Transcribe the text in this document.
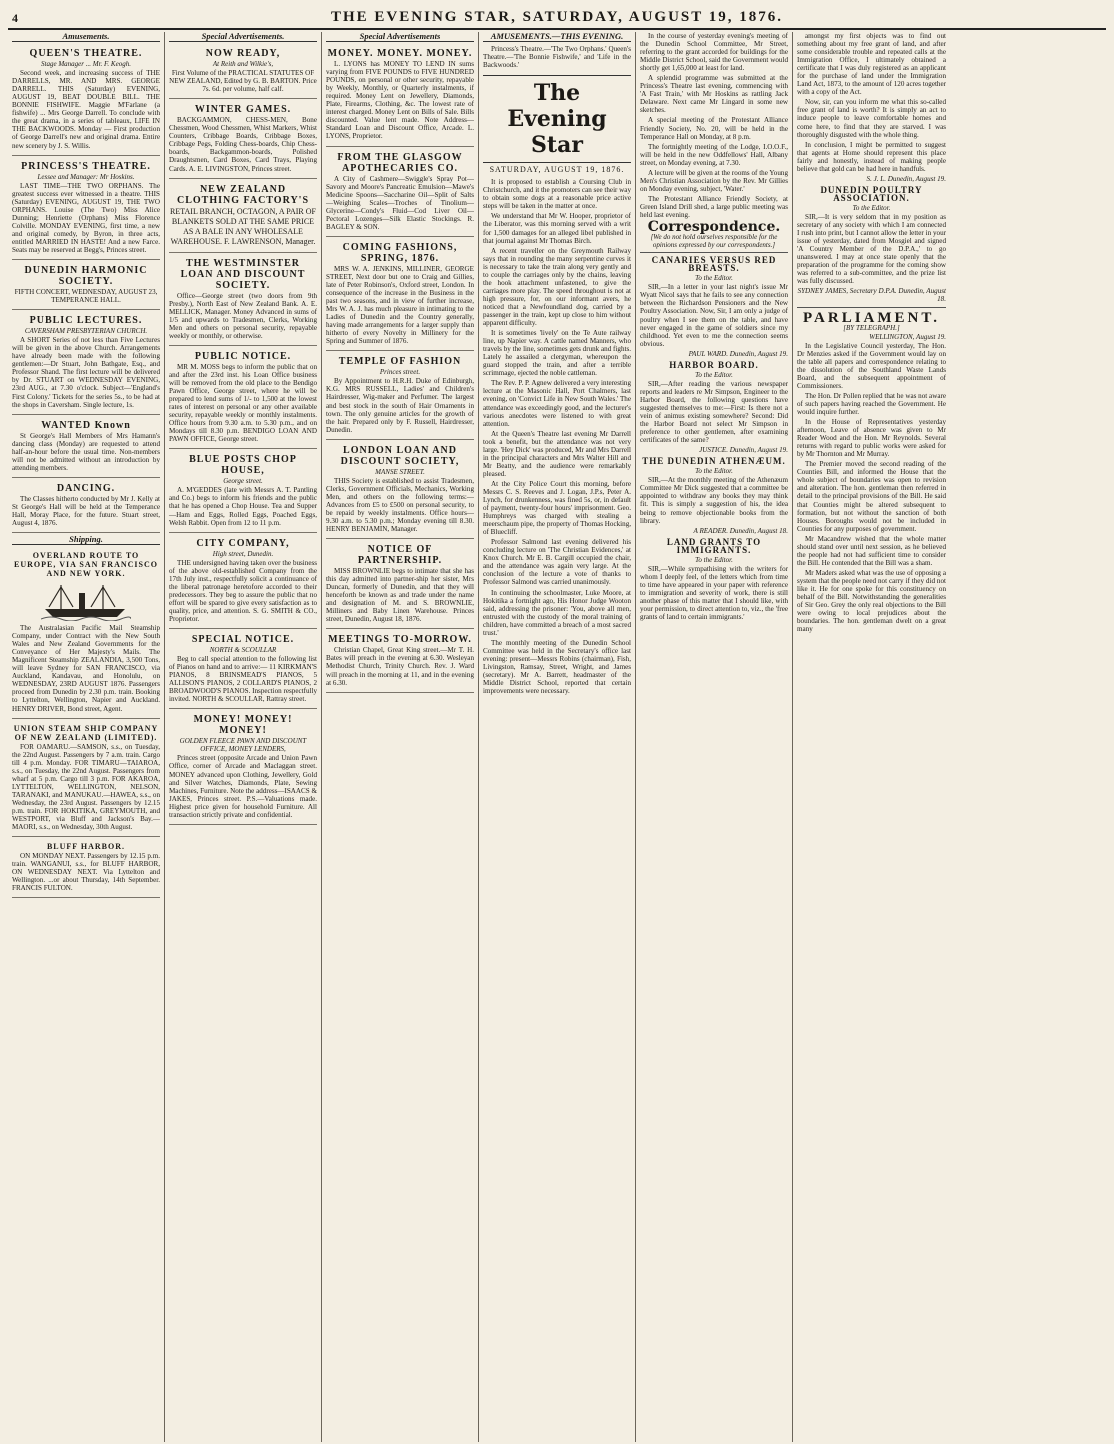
4	THE EVENING STAR, SATURDAY, AUGUST 19, 1876.
Amusements.
QUEEN'S THEATRE.
Stage Manager ... Mr. F. Keogh.

Second week, and increasing success of THE DARRELLS, MR. AND MRS. GEORGE DARRELL. THIS (Saturday) EVENING, AUGUST 19, BEAT DOUBLE BILL. THE BONNIE FISHWIFE. Maggie M'Farlane (a fishwife) ... Mrs George Darrell. To conclude with the great drama, in a series of tableaux, LIFE IN THE BACKWOODS. Monday — First production of George Darrell's new and original drama. Entire new scenery by J. S. Willis.

PRINCESS'S THEATRE.
Lessee and Manager: Mr Hoskins.

LAST TIME—THE TWO ORPHANS. The greatest success ever witnessed in a theatre. THIS (Saturday) EVENING, AUGUST 19, THE TWO ORPHANS. Louise (The Two) Miss Alice Dunning; Henriette (Orphans) Miss Florence Colville. MONDAY EVENING, first time, a new and original comedy, by Byron, in three acts, entitled MARRIED IN HASTE! And a new Farce. Seats may be reserved at Begg's, Princes street.

DUNEDIN HARMONIC SOCIETY.

FIFTH CONCERT, WEDNESDAY, AUGUST 23, TEMPERANCE HALL.

PUBLIC LECTURES.
CAVERSHAM PRESBYTERIAN CHURCH.

A SHORT Series of not less than Five Lectures will be given in the above Church. Arrangements have already been made with the following gentlemen:—Dr Stuart, John Bathgate, Esq., and Professor Shand. The first lecture will be delivered by Dr. STUART on WEDNESDAY EVENING, 23rd AUG., at 7.30 o'clock. Subject—'England's First Colony.' Tickets for the series 5s., to be had at the shops in Caversham. Single lecture, 1s.

WANTED Known

St George's Hall Members of Mrs Hamann's dancing class (Monday) are requested to attend half-an-hour before the usual time. Non-members will not be admitted without an introduction by attending members.

DANCING.

The Classes hitherto conducted by Mr J. Kelly at St George's Hall will be held at the Temperance Hall, Moray Place, for the future. Stuart street, August 4, 1876.

Shipping.
OVERLAND ROUTE TO EUROPE, VIA SAN FRANCISCO AND NEW YORK.

The Australasian Pacific Mail Steamship Company, under Contract with the New South Wales and New Zealand Governments for the Conveyance of Her Majesty's Mails. The Magnificent Steamship ZEALANDIA, 3,500 Tons, will leave Sydney for SAN FRANCISCO, via Auckland, Kandavau, and Honolulu, on WEDNESDAY, 23RD AUGUST 1876. Passengers proceed from Dunedin by 2.30 p.m. train. Booking to Lyttelton, Wellington, Napier and Auckland. HENRY DRIVER, Bond street, Agent.

UNION STEAM SHIP COMPANY OF NEW ZEALAND (LIMITED).

FOR OAMARU.—SAMSON, s.s., on Tuesday, the 22nd August. Passengers by 7 a.m. train. Cargo till 4 p.m. Monday. FOR TIMARU—TAIAROA, s.s., on Tuesday, the 22nd August. Passengers from wharf at 5 p.m. Cargo till 3 p.m. FOR AKAROA, LYTTELTON, WELLINGTON, NELSON, TARANAKI, and MANUKAU.—HAWEA, s.s., on Wednesday, the 23rd August. Passengers by 12.15 p.m. train. FOR HOKITIKA, GREYMOUTH, and WESTPORT, via Bluff and Jackson's Bay.—MAORI, s.s., on Wednesday, 30th August.

BLUFF HARBOR.

ON MONDAY NEXT. Passengers by 12.15 p.m. train. WANGANUI, s.s., for BLUFF HARBOR, ON WEDNESDAY NEXT. Via Lyttelton and Wellington. ...or about Thursday, 14th September. FRANCIS FULTON.

Special Advertisements.
NOW READY,
At Reith and Wilkie's,

First Volume of the PRACTICAL STATUTES OF NEW ZEALAND, Edited by G. B. BARTON. Price 7s. 6d. per volume, half calf.

WINTER GAMES.

BACKGAMMON, CHESS-MEN, Bone Chessmen, Wood Chessmen, Whist Markers, Whist Counters, Cribbage Boards, Cribbage Boxes, Cribbage Pegs, Folding Chess-boards, Chip Chess-boards, Backgammon-boards, Polished Draughtsmen, Card Boxes, Card Trays, Playing Cards. A. E. LIVINGSTON, Princes street.

NEW ZEALAND CLOTHING FACTORY'S

RETAIL BRANCH, OCTAGON, A PAIR OF BLANKETS SOLD AT THE SAME PRICE AS A BALE IN ANY WHOLESALE WAREHOUSE. F. LAWRENSON, Manager.

THE WESTMINSTER LOAN AND DISCOUNT SOCIETY.

Office—George street (two doors from 9th Presby.), North East of New Zealand Bank. A. E. MELLICK, Manager. Money Advanced in sums of 1/5 and upwards to Tradesmen, Clerks, Working Men and others on personal security, repayable weekly or monthly, or otherwise.

PUBLIC NOTICE.

MR M. MOSS begs to inform the public that on and after the 23rd inst. his Loan Office business will be removed from the old place to the Bendigo Pawn Office, George street, where he will be prepared to lend sums of 1/- to 1,500 at the lowest rates of interest on personal or any other available security, repayable weekly or monthly instalments. Office hours from 9.30 a.m. to 5.30 p.m., and on Mondays till 8.30 p.m. BENDIGO LOAN AND PAWN OFFICE, George street.

BLUE POSTS CHOP HOUSE,
George street.

A. M'GEDDES (late with Messrs A. T. Pantling and Co.) begs to inform his friends and the public that he has opened a Chop House. Tea and Supper—Ham and Eggs, Rolled Eggs, Poached Eggs, Welsh Rabbit. Open from 12 to 11 p.m.

CITY COMPANY,
High street, Dunedin.

THE undersigned having taken over the business of the above old-established Company from the 17th July inst., respectfully solicit a continuance of the liberal patronage heretofore accorded to their predecessors. They beg to assure the public that no effort will be spared to give every satisfaction as to quality, price, and attention. S. G. SMITH & CO., Proprietor.

SPECIAL NOTICE.
NORTH & SCOULLAR

Beg to call special attention to the following list of Pianos on hand and to arrive:— 11 KIRKMAN'S PIANOS, 8 BRINSMEAD'S PIANOS, 5 ALLISON'S PIANOS, 2 COLLARD'S PIANOS, 2 BROADWOOD'S PIANOS. Inspection respectfully invited. NORTH & SCOULLAR, Rattray street.

MONEY! MONEY! MONEY!
GOLDEN FLEECE PAWN AND DISCOUNT OFFICE, MONEY LENDERS,

Princes street (opposite Arcade and Union Pawn Office, corner of Arcade and Maclaggan street. MONEY advanced upon Clothing, Jewellery, Gold and Silver Watches, Diamonds, Plate, Sewing Machines, Furniture. Note the address—ISAACS & JAKES, Princes street. P.S.—Valuations made. Highest price given for household Furniture. All transaction strictly private and confidential.

Special Advertisements
MONEY. MONEY. MONEY.

L. LYONS has MONEY TO LEND IN sums varying from FIVE POUNDS to FIVE HUNDRED POUNDS, on personal or other security, repayable by Weekly, Monthly, or Quarterly instalments, if required. Money Lent on Jewellery, Diamonds, Plate, Firearms, Clothing, &c. The lowest rate of interest charged. Money Lent on Bills of Sale. Bills discounted. Value lent made. Note Address—Standard Loan and Discount Office, Arcade. L. LYONS, Proprietor.

FROM THE GLASGOW APOTHECARIES CO.

A City of Cashmere—Swiggle's Spray Pot—Savory and Moore's Pancreatic Emulsion—Mawe's Medicine Spoons—Saccharine Oil—Split of Salts—Weighing Scales—Troches of Tinolium—Glycerine—Condy's Fluid—Cod Liver Oil—Pectoral Lozenges—Silk Elastic Stockings. R. BAGLEY & SON.

COMING FASHIONS, SPRING, 1876.

MRS W. A. JENKINS, MILLINER, GEORGE STREET, Next door but one to Craig and Gillies, late of Peter Robinson's, Oxford street, London. In consequence of the increase in the Business in the past two seasons, and in view of further increase, Mrs W. A. J. has much pleasure in intimating to the Ladies of Dunedin and the Country generally, having made arrangements for a larger supply than hitherto of every Novelty in Millinery for the Spring and Summer of 1876.

TEMPLE OF FASHION
Princes street.

By Appointment to H.R.H. Duke of Edinburgh, K.G. MRS RUSSELL, Ladies' and Children's Hairdresser, Wig-maker and Perfumer. The largest and best stock in the south of Hair Ornaments in town. The only genuine articles for the growth of the hair. Prepared only by F. Russell, Hairdresser, Dunedin.

LONDON LOAN AND DISCOUNT SOCIETY,
MANSE STREET.

THIS Society is established to assist Tradesmen, Clerks, Government Officials, Mechanics, Working Men, and others on the following terms:—Advances from £5 to £500 on personal security, to be repaid by weekly instalments. Office hours—9.30 a.m. to 5.30 p.m.; Monday evening till 8.30. HENRY BENJAMIN, Manager.

NOTICE OF PARTNERSHIP.

MISS BROWNLIE begs to intimate that she has this day admitted into partner-ship her sister, Mrs Duncan, formerly of Dunedin, and that they will henceforth be known as and trade under the name and designation of M. and S. BROWNLIE, Milliners and Baby Linen Warehouse. Princes street, Dunedin, August 18, 1876.

MEETINGS TO-MORROW.

Christian Chapel, Great King street.—Mr T. H. Bates will preach in the evening at 6.30. Wesleyan Methodist Church, Trinity Church. Rev. J. Ward will preach in the morning at 11, and in the evening at 6.30.

AMUSEMENTS.—THIS EVENING.

Princess's Theatre.—'The Two Orphans.' Queen's Theatre.—'The Bonnie Fishwife,' and 'Life in the Backwoods.'

The Evening Star
SATURDAY, AUGUST 19, 1876.

It is proposed to establish a Coursing Club in Christchurch, and it the promoters can see their way to obtain some dogs at a reasonable price active steps will be taken in the matter at once.

We understand that Mr W. Hooper, proprietor of the Liberator, was this morning served with a writ for 1,500 damages for an alleged libel published in that journal against Mr Thomas Birch.

A recent traveller on the Greymouth Railway says that in rounding the many serpentine curves it is necessary to take the train along very gently and to couple the carriages only by the chains, leaving the hook attachment unfastened, to give the carriages more play. The speed throughout is not at high pressure, for, on our informant avers, he noticed that a Newfoundland dog, carried by a passenger in the train, kept up close to him without apparent difficulty.

It is sometimes 'lively' on the Te Aute railway line, up Napier way. A cattle named Manners, who travels by the line, sometimes gets drunk and fights. Lately he assailed a clergyman, whereupon the guard stopped the train, and after a terrible scrimmage, ejected the noble cattleman.

The Rev. P. P. Agnew delivered a very interesting lecture at the Masonic Hall, Port Chalmers, last evening, on 'Convict Life in New South Wales.' The attendance was exceedingly good, and the lecturer's various anecdotes were listened to with great attention.

At the Queen's Theatre last evening Mr Darrell took a benefit, but the attendance was not very large. 'Hey Dick' was produced, Mr and Mrs Darrell in the principal characters and Mrs Walter Hill and Mr Beatty, and the audience were remarkably pleased.

At the City Police Court this morning, before Messrs C. S. Reeves and J. Logan, J.P.s, Peter A. Lynch, for drunkenness, was fined 5s, or, in default of payment, twenty-four hours' imprisonment. Geo. Humphreys was charged with stealing a meerschaum pipe, the property of Thomas Hocking, of Bluecliff.

Professor Salmond last evening delivered his concluding lecture on 'The Christian Evidences,' at Knox Church. Mr E. B. Cargill occupied the chair, and the attendance was again very large. At the conclusion of the lecture a vote of thanks to Professor Salmond was carried unanimously.

In continuing the schoolmaster, Luke Moore, at Hokitika a fortnight ago, His Honor Judge Wooton said, addressing the prisoner: 'You, above all men, entrusted with the custody of the moral training of children, have committed a breach of a most sacred trust.'

The monthly meeting of the Dunedin School Committee was held in the Secretary's office last evening: present—Messrs Robins (chairman), Fish, Livingston, Ramsay, Street, Wright, and James (secretary). Mr A. Barrett, headmaster of the Middle District School, reported that certain improvements were necessary.

In the course of yesterday evening's meeting of the Dunedin School Committee, Mr Street, referring to the grant accorded for buildings for the Middle District School, said the Government would shortly get 1,65,000 at least for land.

A splendid programme was submitted at the Princess's Theatre last evening, commencing with 'A Fast Train,' with Mr Hoskins as rattling Jack Delaware. Next came Mr Lingard in some new sketches.

A special meeting of the Protestant Alliance Friendly Society, No. 20, will be held in the Temperance Hall on Monday, at 8 p.m.

The fortnightly meeting of the Lodge, I.O.O.F., will be held in the new Oddfellows' Hall, Albany street, on Monday evening, at 7.30.

A lecture will be given at the rooms of the Young Men's Christian Association by the Rev. Mr Gillies on Monday evening, subject, 'Water.'

The Protestant Alliance Friendly Society, at Green Island Drill shed, a large public meeting was held last evening.

Correspondence.
[We do not hold ourselves responsible for the opinions expressed by our correspondents.]
CANARIES VERSUS RED BREASTS.
To the Editor.

SIR,—In a letter in your last night's issue Mr Wyatt Nicol says that he fails to see any connection between the Richardson Pensioners and the New Poultry Association. Now, Sir, I am only a judge of poultry when I see them on the table, and have never engaged in the game of soldiers since my childhood. Yet even to me the connection seems obvious.

PAUL WARD. Dunedin, August 19.
HARBOR BOARD.
To the Editor.

SIR,—After reading the various newspaper reports and leaders re Mr Simpson, Engineer to the Harbor Board, the following questions have suggested themselves to me:—First: Is there not a vein of animus existing somewhere? Second: Did the Harbor Board not select Mr Simpson in preference to other gentlemen, after examining certificates of the same?

JUSTICE. Dunedin, August 19.
THE DUNEDIN ATHENÆUM.
To the Editor.

SIR,—At the monthly meeting of the Athenæum Committee Mr Dick suggested that a committee be appointed to withdraw any books they may think fit. This is simply a suggestion of his, the idea being to remove objectionable books from the library.

A READER. Dunedin, August 18.
LAND GRANTS TO IMMIGRANTS.
To the Editor.

SIR,—While sympathising with the writers for whom I deeply feel, of the letters which from time to time have appeared in your paper with reference to immigration and severity of work, there is still another phase of this matter that I should like, with your permission, to direct attention to, viz., the 'free grants of land to certain immigrants.'

amongst my first objects was to find out something about my free grant of land, and after some considerable trouble and repeated calls at the Immigration Office, I ultimately obtained a certificate that I was duly registered as an applicant for the purchase of land under the Immigration Land Act, 1873, to the amount of 120 acres together with a copy of the Act.

Now, sir, can you inform me what this so-called free grant of land is worth? It is simply an act to induce people to leave comfortable homes and come here, to find that they are starved. I was thoroughly disgusted with the whole thing.

In conclusion, I might be permitted to suggest that agents at Home should represent this place fairly and honestly, instead of making people believe that gold can be had here in handfuls.

S. J. L. Dunedin, August 19.
DUNEDIN POULTRY ASSOCIATION.
To the Editor.

SIR,—It is very seldom that in my position as secretary of any society with which I am connected I rush into print, but I cannot allow the letter in your issue of yesterday, dated from Mosgiel and signed 'A Country Member of the D.P.A.,' to go unanswered. I may at once state openly that the preparation of the programme for the coming show was referred to a sub-committee, and the prize list was fully discussed.

SYDNEY JAMES, Secretary D.P.A. Dunedin, August 18.
PARLIAMENT.
[BY TELEGRAPH.]
WELLINGTON, August 19.

In the Legislative Council yesterday, The Hon. Dr Menzies asked if the Government would lay on the table all papers and correspondence relating to the dissolution of the Southland Waste Lands Board, and the subsequent appointment of Commissioners.

The Hon. Dr Pollen replied that he was not aware of such papers having reached the Government. He would inquire further.

In the House of Representatives yesterday afternoon, Leave of absence was given to Mr Reader Wood and the Hon. Mr Reynolds. Several returns with regard to public works were asked for by Mr Thornton and Mr Murray.

The Premier moved the second reading of the Counties Bill, and informed the House that the whole subject of boundaries was open to revision and alteration. The hon. gentleman then referred in detail to the principal provisions of the Bill. He said that Counties might be altered subsequent to formation, but not without the sanction of both Houses. Boroughs would not be included in Counties for any purposes of government.

Mr Macandrew wished that the whole matter should stand over until next session, as he believed the people had not had sufficient time to consider the Bill. He contended that the Bill was a sham.

Mr Maders asked what was the use of opposing a system that the people need not carry if they did not like it. He for one spoke for this constituency on behalf of the Bill. Notwithstanding the generalities of Sir Geo. Grey the only real objections to the Bill were owing to local prejudices about the boundaries. The hon. gentleman dwelt on a great many
